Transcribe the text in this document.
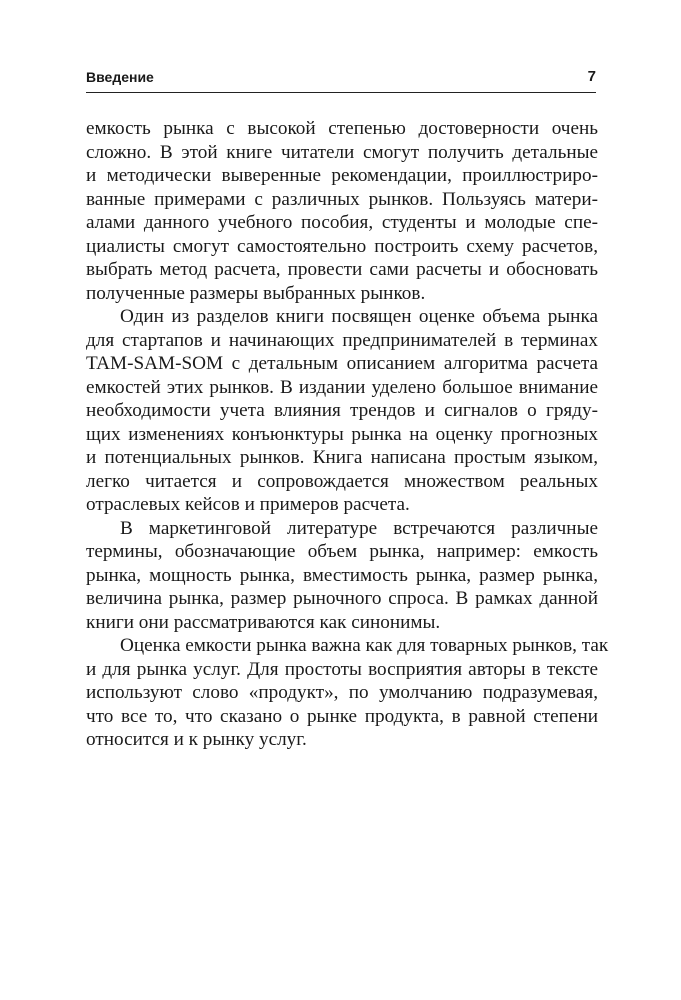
Введение	7
емкость рынка с высокой степенью достоверности очень
сложно. В этой книге читатели смогут получить детальные
и методически выверенные рекомендации, проиллюстриро-
ванные примерами с различных рынков. Пользуясь матери-
алами данного учебного пособия, студенты и молодые спе-
циалисты смогут самостоятельно построить схему расчетов,
выбрать метод расчета, провести сами расчеты и обосновать
полученные размеры выбранных рынков.
Один из разделов книги посвящен оценке объема рынка
для стартапов и начинающих предпринимателей в терминах
TAM-SAM-SOM с детальным описанием алгоритма расчета
емкостей этих рынков. В издании уделено большое внимание
необходимости учета влияния трендов и сигналов о гряду-
щих изменениях конъюнктуры рынка на оценку прогнозных
и потенциальных рынков. Книга написана простым языком,
легко читается и сопровождается множеством реальных
отраслевых кейсов и примеров расчета.
В маркетинговой литературе встречаются различные
термины, обозначающие объем рынка, например: емкость
рынка, мощность рынка, вместимость рынка, размер рынка,
величина рынка, размер рыночного спроса. В рамках данной
книги они рассматриваются как синонимы.
Оценка емкости рынка важна как для товарных рынков, так
и для рынка услуг. Для простоты восприятия авторы в тексте
используют слово «продукт», по умолчанию подразумевая,
что все то, что сказано о рынке продукта, в равной степени
относится и к рынку услуг.
